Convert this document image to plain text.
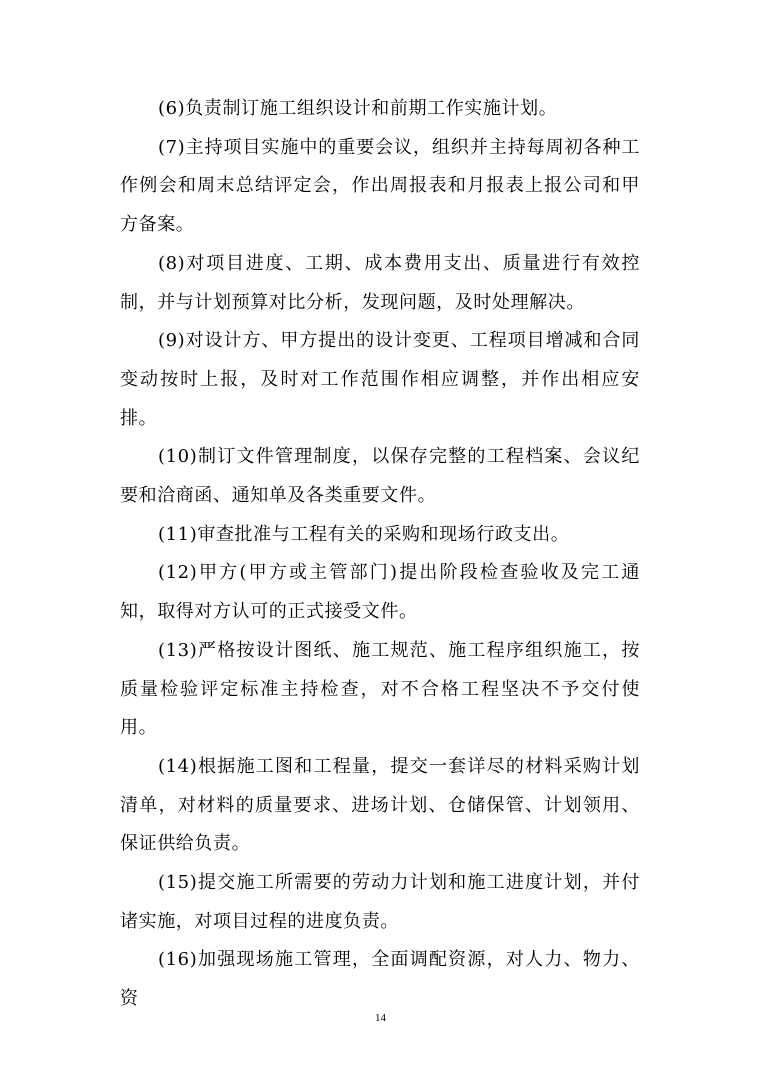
(6)负责制订施工组织设计和前期工作实施计划。

(7)主持项目实施中的重要会议，组织并主持每周初各种工作例会和周末总结评定会，作出周报表和月报表上报公司和甲方备案。

(8)对项目进度、工期、成本费用支出、质量进行有效控制，并与计划预算对比分析，发现问题，及时处理解决。

(9)对设计方、甲方提出的设计变更、工程项目增减和合同变动按时上报，及时对工作范围作相应调整，并作出相应安排。

(10)制订文件管理制度，以保存完整的工程档案、会议纪要和洽商函、通知单及各类重要文件。

(11)审查批准与工程有关的采购和现场行政支出。

(12)甲方(甲方或主管部门)提出阶段检查验收及完工通知，取得对方认可的正式接受文件。

(13)严格按设计图纸、施工规范、施工程序组织施工，按质量检验评定标准主持检查，对不合格工程坚决不予交付使用。

(14)根据施工图和工程量，提交一套详尽的材料采购计划清单，对材料的质量要求、进场计划、仓储保管、计划领用、保证供给负责。

(15)提交施工所需要的劳动力计划和施工进度计划，并付诸实施，对项目过程的进度负责。

(16)加强现场施工管理，全面调配资源，对人力、物力、资

14
